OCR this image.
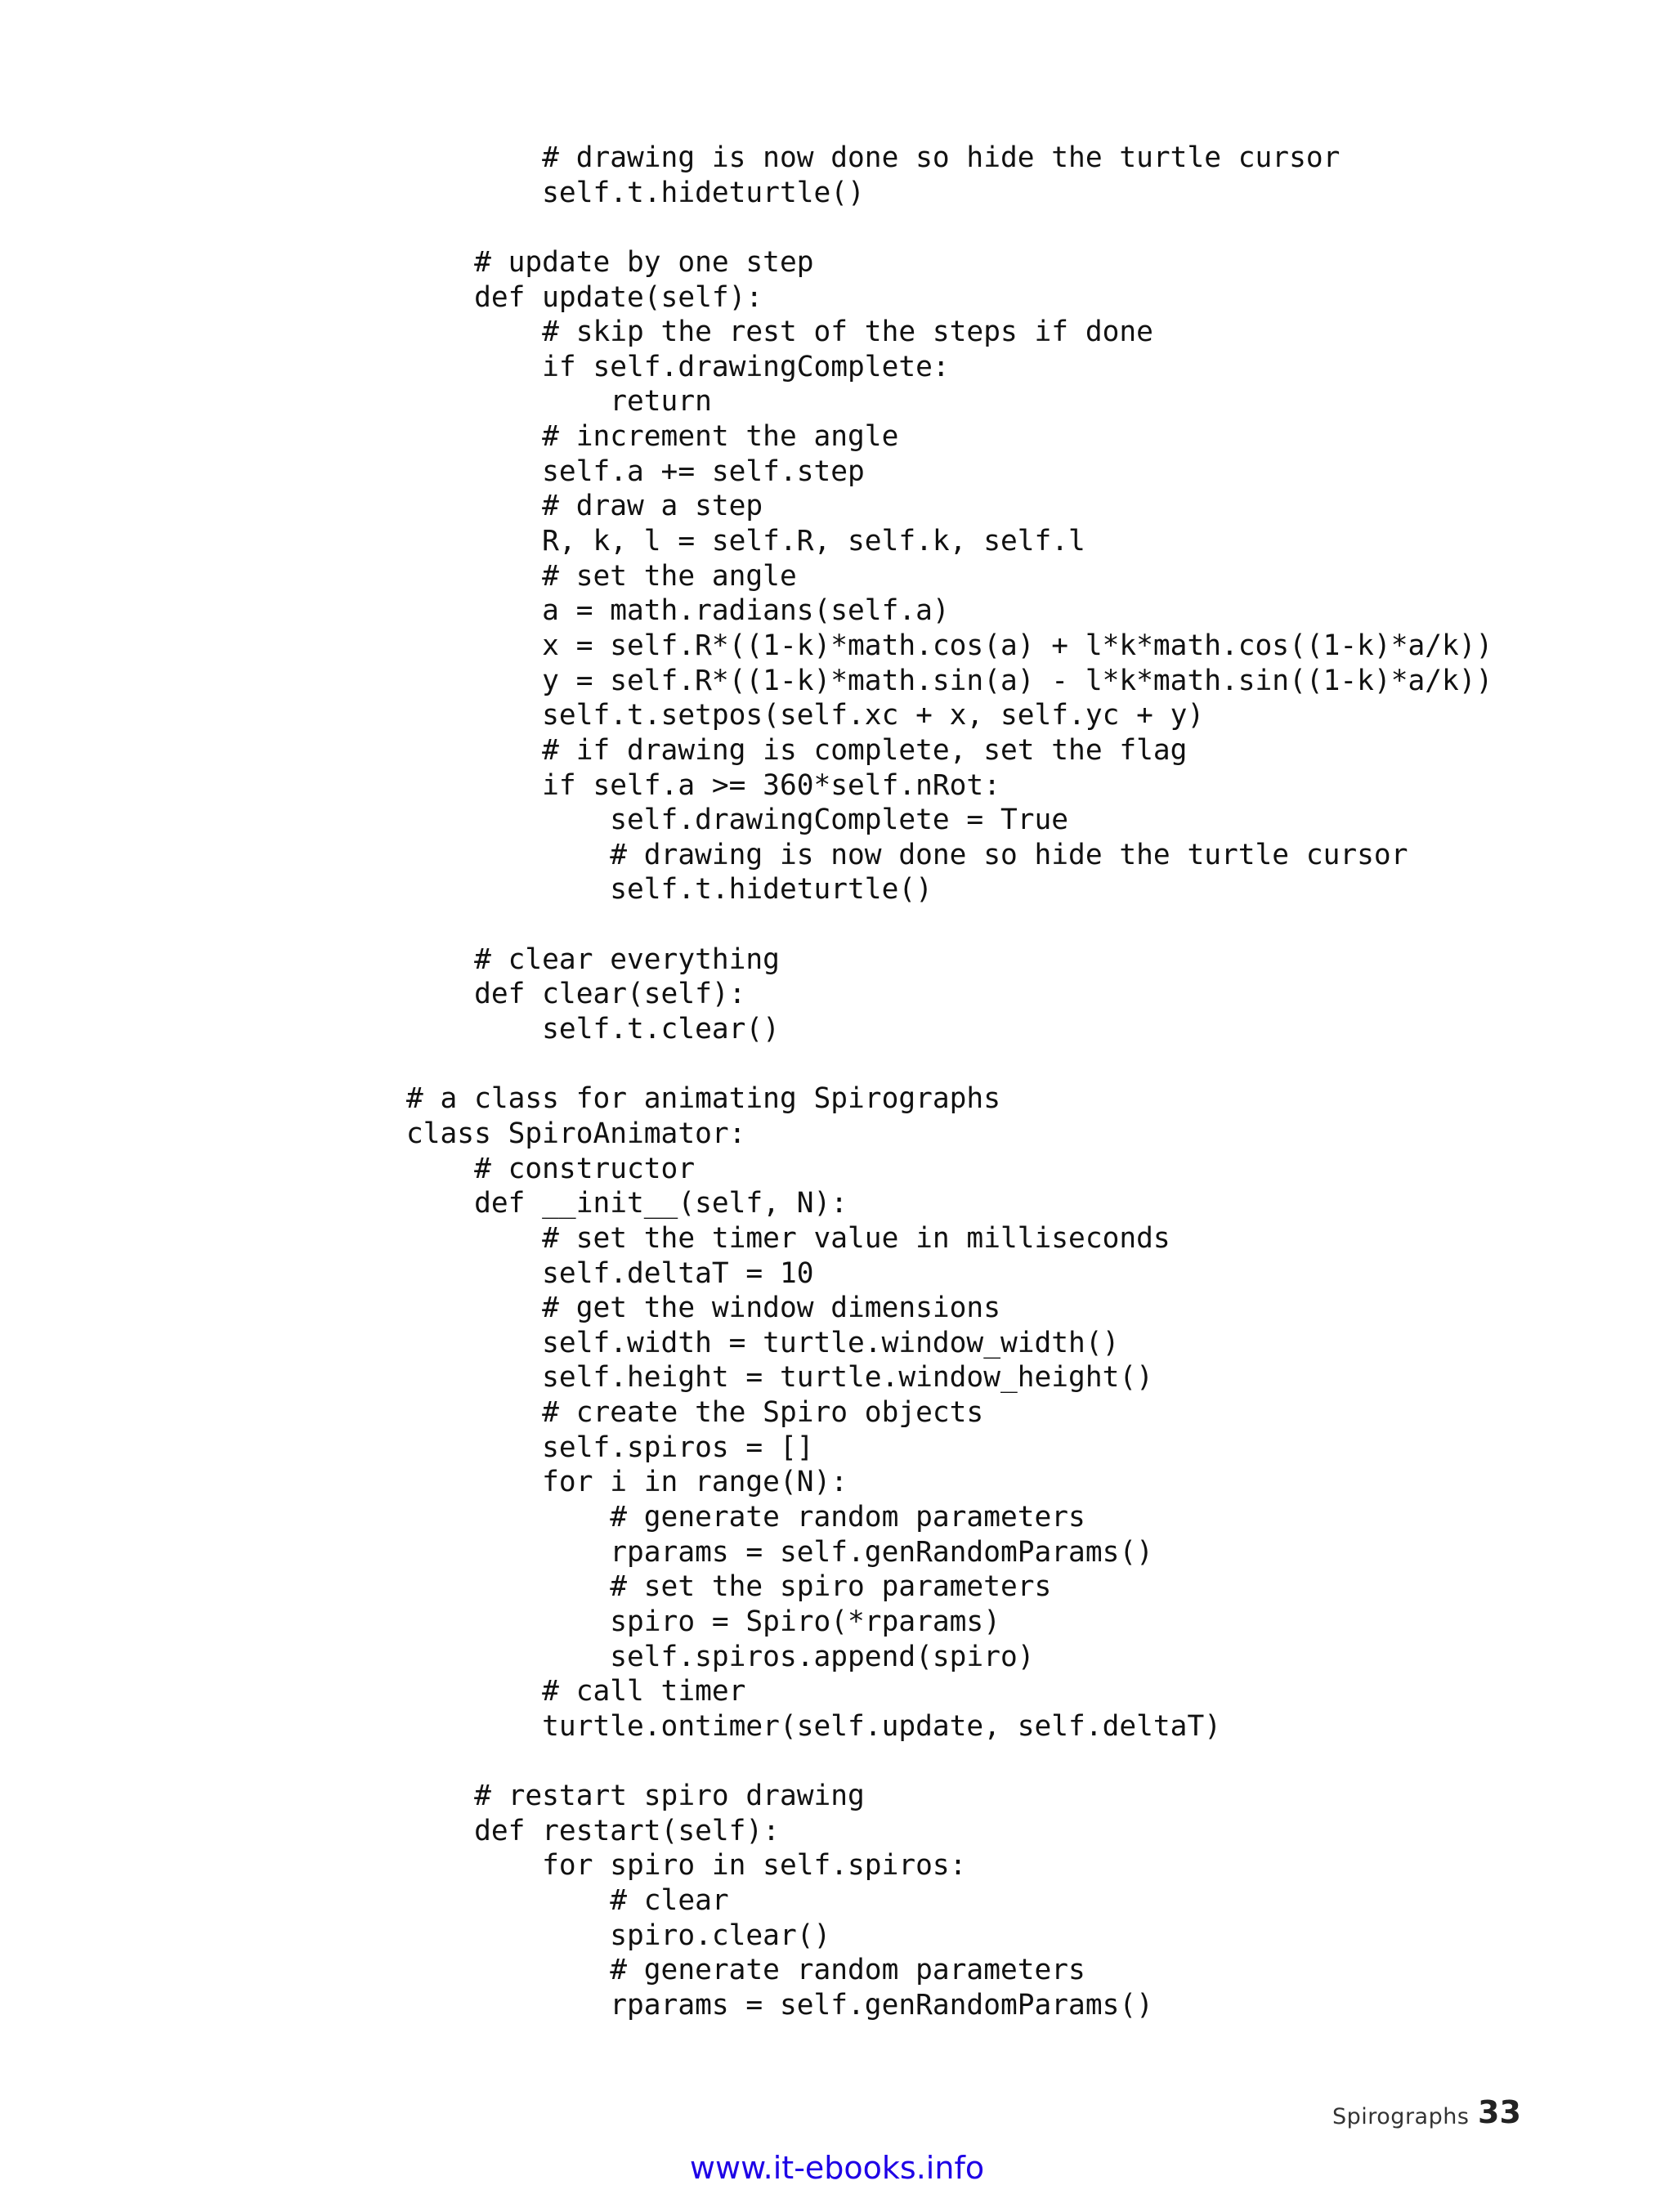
# drawing is now done so hide the turtle cursor
self.t.hideturtle()
# update by one step
def update(self):
# skip the rest of the steps if done
if self.drawingComplete:
return
# increment the angle
self.a += self.step
# draw a step
R, k, l = self.R, self.k, self.l
# set the angle
a = math.radians(self.a)
x = self.R*((1-k)*math.cos(a) + l*k*math.cos((1-k)*a/k))
y = self.R*((1-k)*math.sin(a) - l*k*math.sin((1-k)*a/k))
self.t.setpos(self.xc + x, self.yc + y)
# if drawing is complete, set the flag
if self.a >= 360*self.nRot:
self.drawingComplete = True
# drawing is now done so hide the turtle cursor
self.t.hideturtle()
# clear everything
def clear(self):
self.t.clear()
# a class for animating Spirographs
class SpiroAnimator:
# constructor
def __init__(self, N):
# set the timer value in milliseconds
self.deltaT = 10
# get the window dimensions
self.width = turtle.window_width()
self.height = turtle.window_height()
# create the Spiro objects
self.spiros = []
for i in range(N):
# generate random parameters
rparams = self.genRandomParams()
# set the spiro parameters
spiro = Spiro(*rparams)
self.spiros.append(spiro)
# call timer
turtle.ontimer(self.update, self.deltaT)
# restart spiro drawing
def restart(self):
for spiro in self.spiros:
# clear
spiro.clear()
# generate random parameters
rparams = self.genRandomParams()
Spirographs 33
www.it-ebooks.info
